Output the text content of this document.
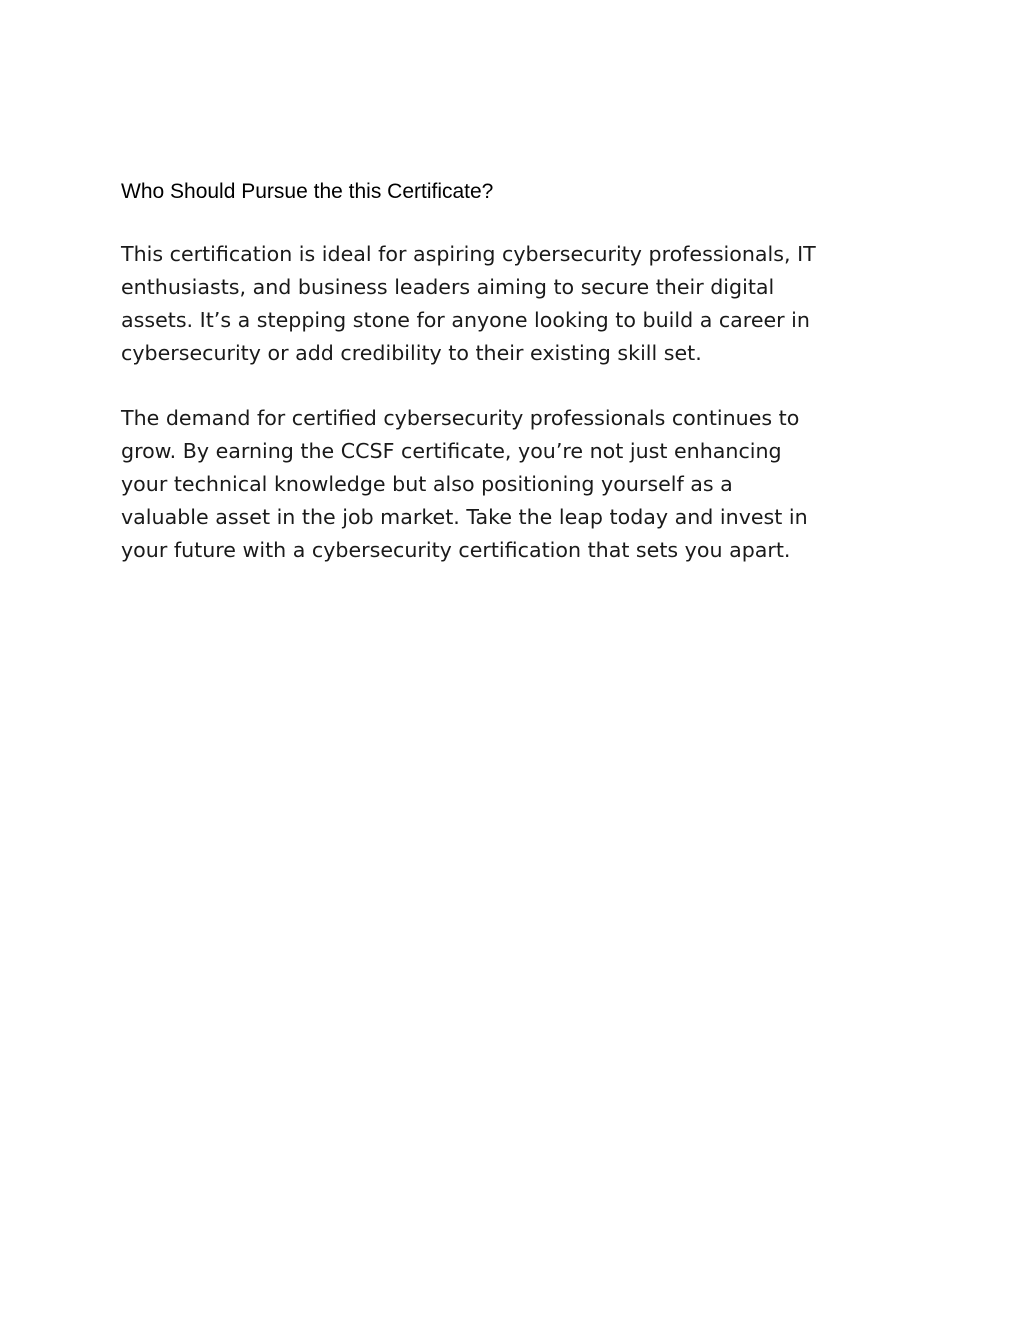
Who Should Pursue the this Certificate?

This certification is ideal for aspiring cybersecurity professionals, IT
enthusiasts, and business leaders aiming to secure their digital
assets. It’s a stepping stone for anyone looking to build a career in
cybersecurity or add credibility to their existing skill set.

The demand for certified cybersecurity professionals continues to
grow. By earning the CCSF certificate, you’re not just enhancing
your technical knowledge but also positioning yourself as a
valuable asset in the job market. Take the leap today and invest in
your future with a cybersecurity certification that sets you apart.
